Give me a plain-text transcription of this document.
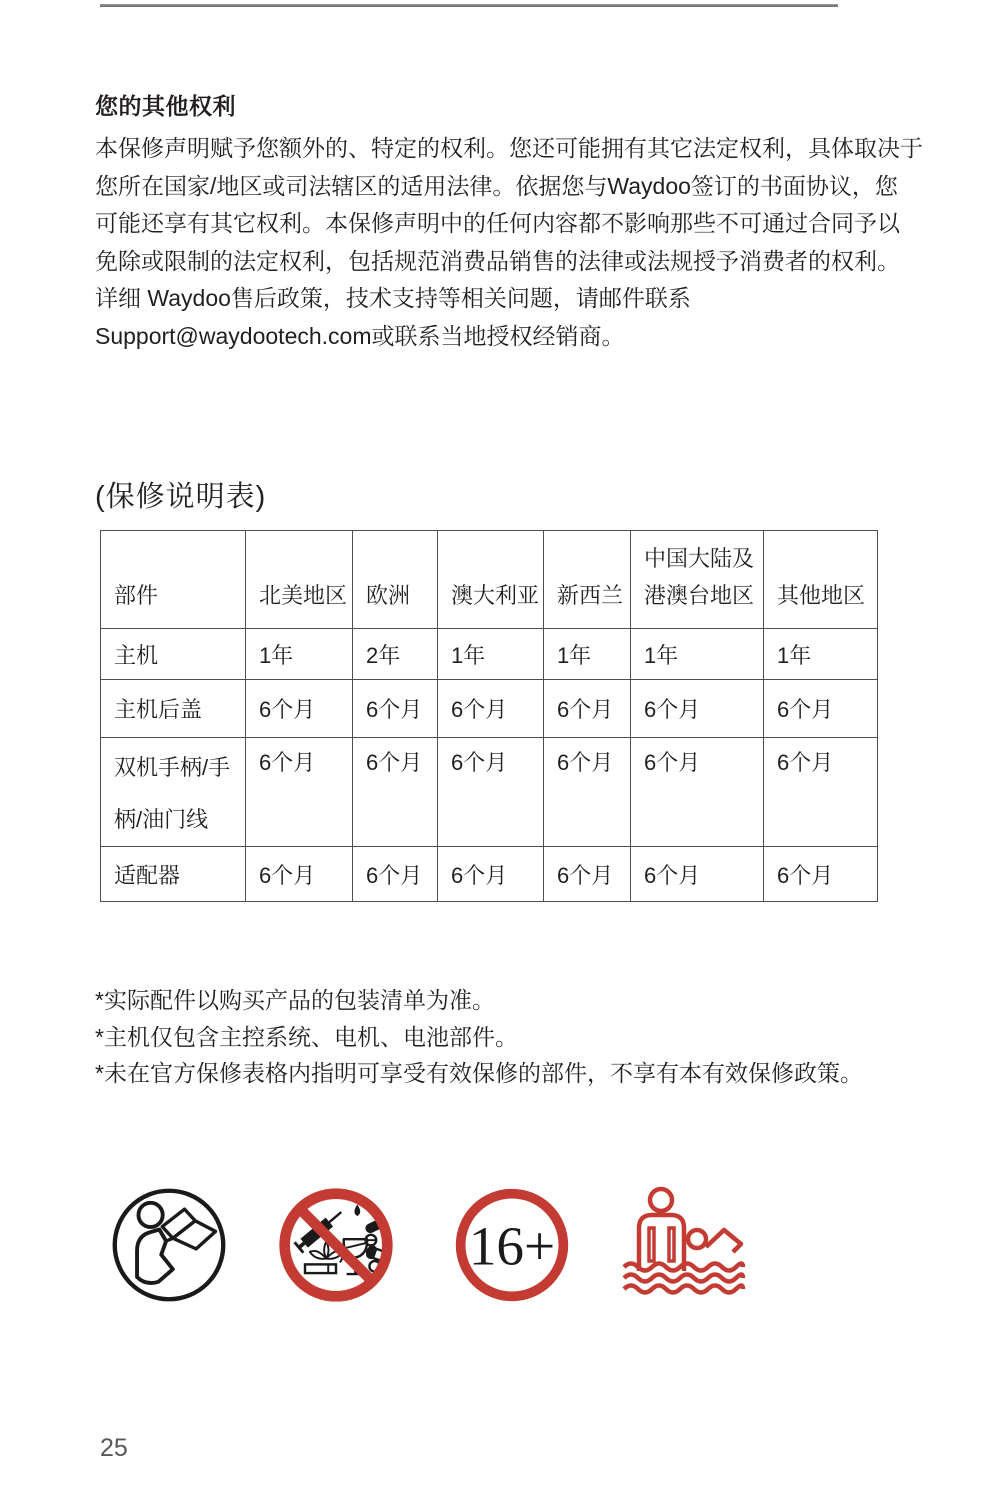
您的其他权利
本保修声明赋予您额外的、特定的权利。您还可能拥有其它法定权利，具体取决于
您所在国家/地区或司法辖区的适用法律。依据您与Waydoo签订的书面协议，您
可能还享有其它权利。本保修声明中的任何内容都不影响那些不可通过合同予以
免除或限制的法定权利，包括规范消费品销售的法律或法规授予消费者的权利。
详细 Waydoo售后政策，技术支持等相关问题，请邮件联系
Support@waydootech.com或联系当地授权经销商。
(保修说明表)
部件	北美地区	欧洲	澳大利亚	新西兰	中国大陆及港澳台地区	其他地区
主机	1年	2年	1年	1年	1年	1年
主机后盖	6个月	6个月	6个月	6个月	6个月	6个月
双机手柄/手柄/油门线	6个月	6个月	6个月	6个月	6个月	6个月
适配器	6个月	6个月	6个月	6个月	6个月	6个月
*实际配件以购买产品的包装清单为准。
*主机仅包含主控系统、电机、电池部件。
*未在官方保修表格内指明可享受有效保修的部件，不享有本有效保修政策。
16+
25
